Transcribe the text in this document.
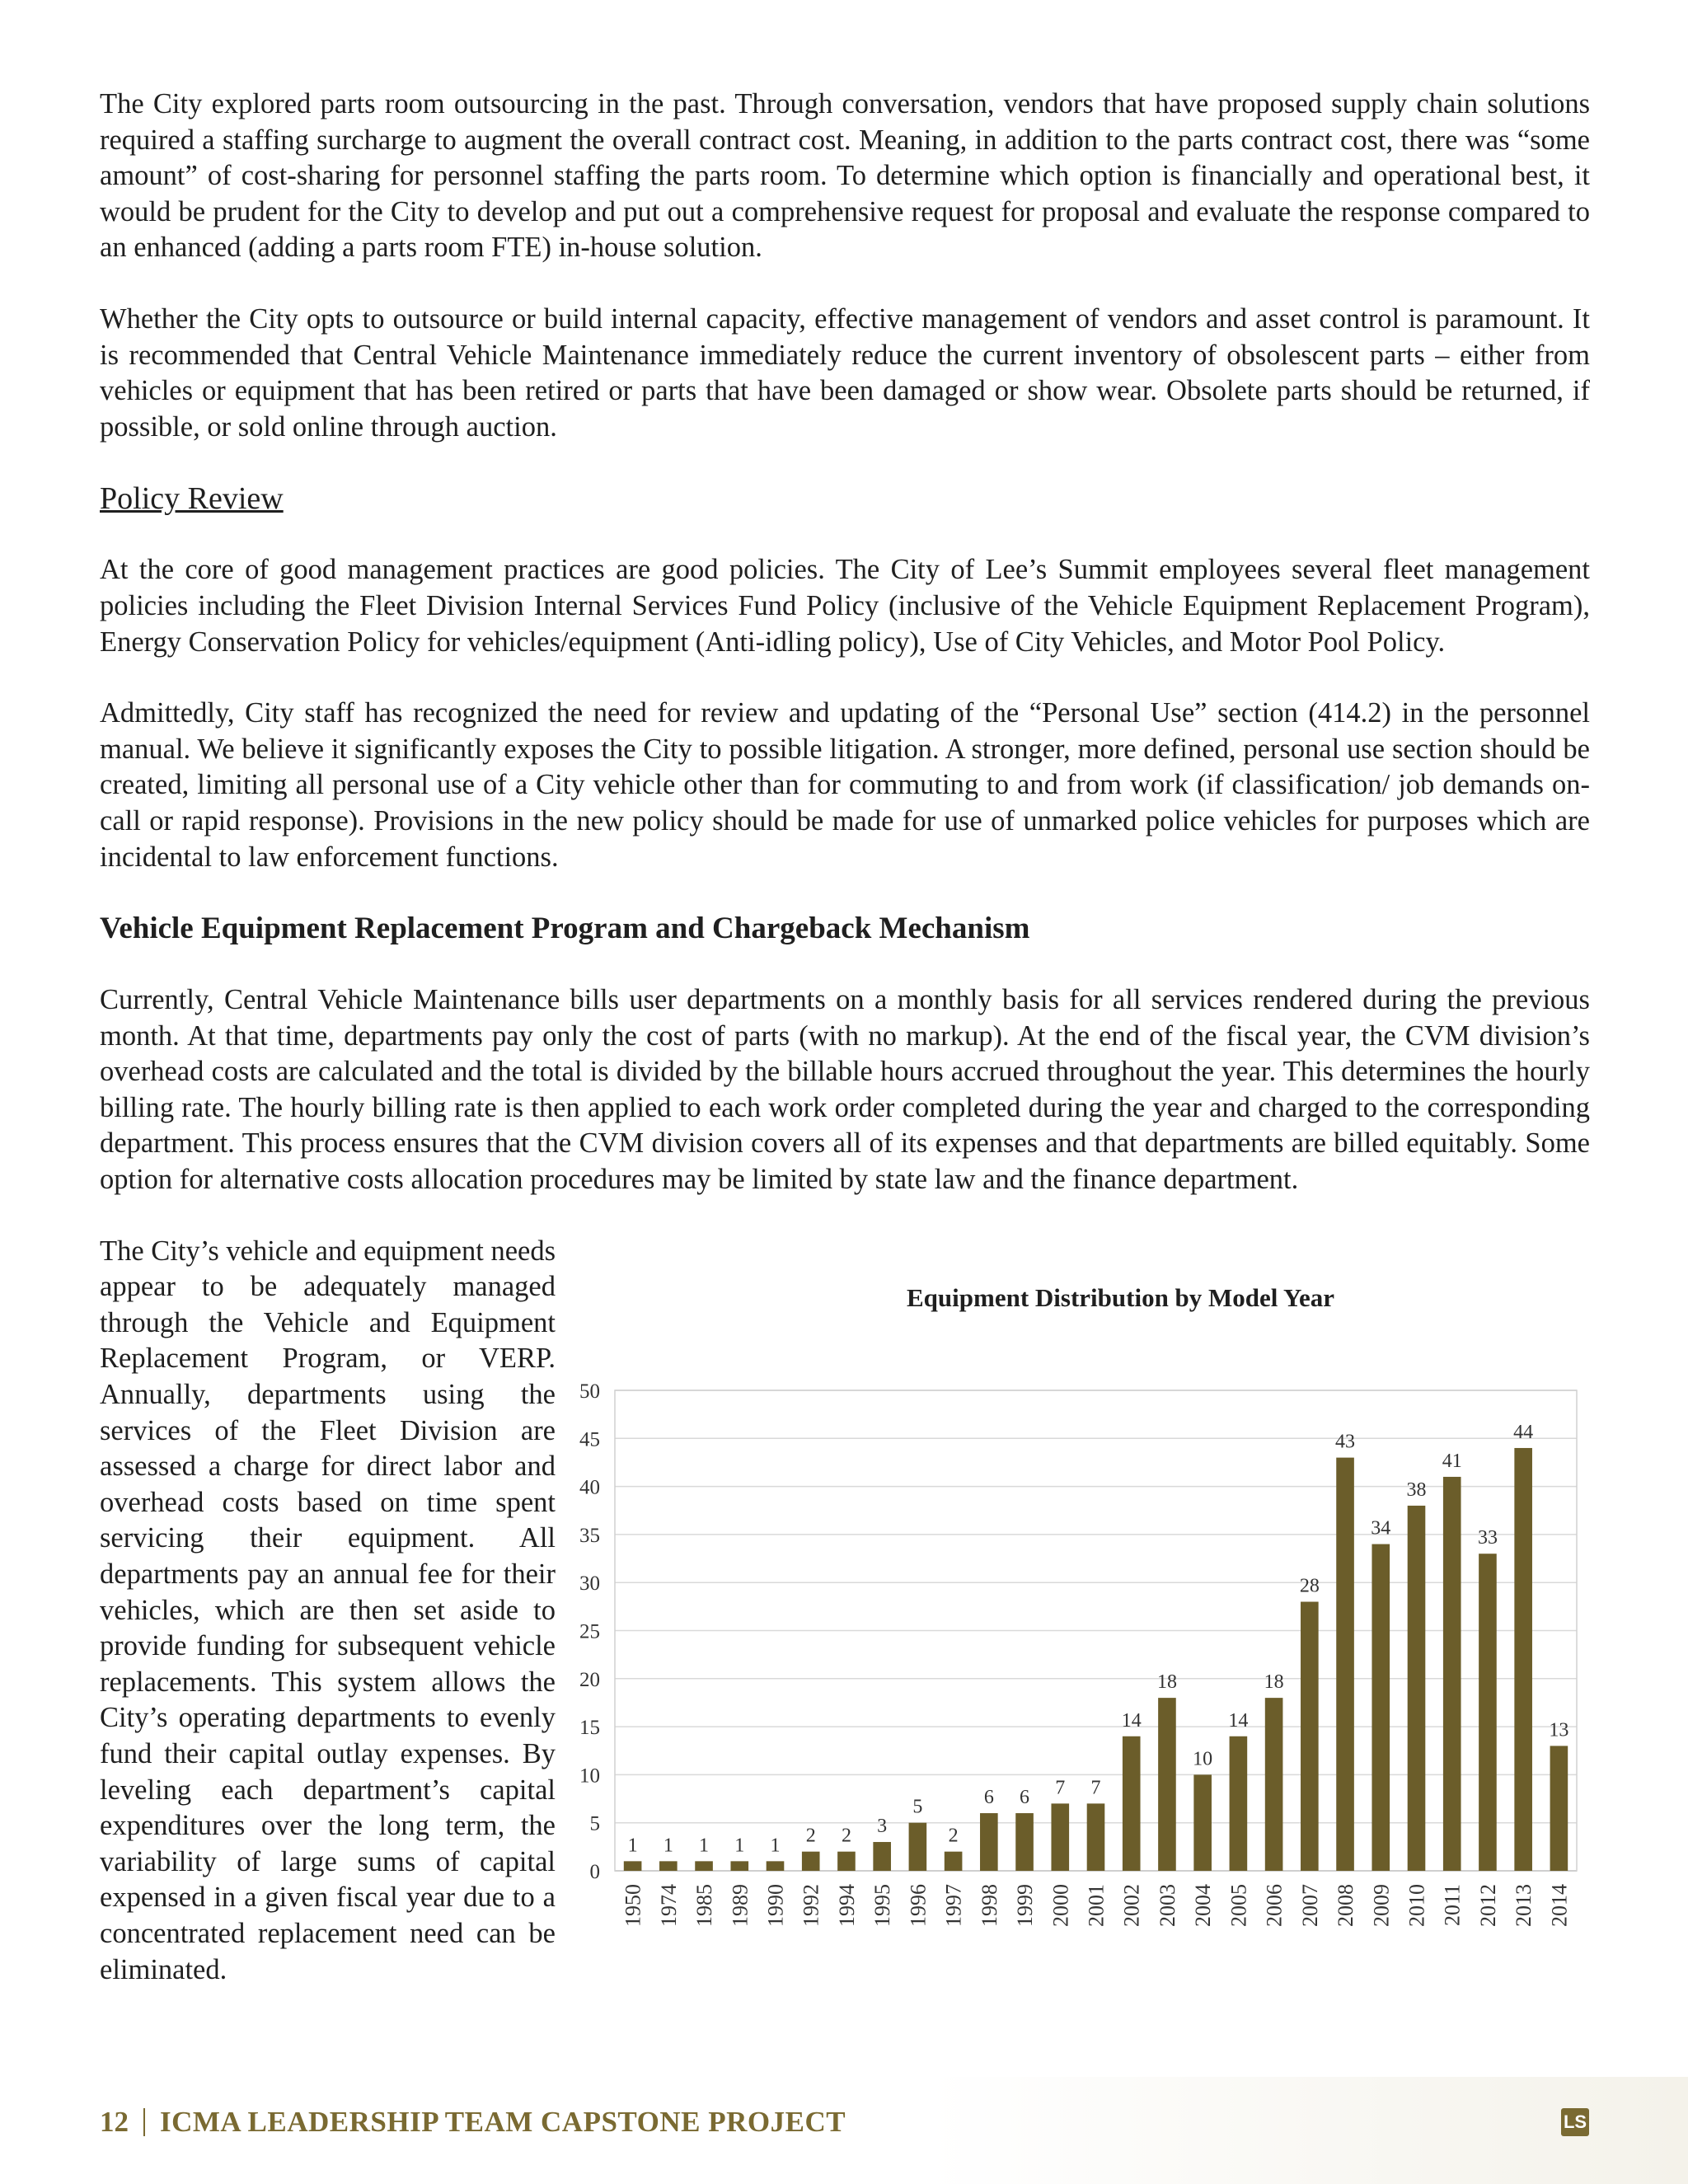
The City explored parts room outsourcing in the past. Through conversation, vendors that have proposed supply chain solutions required a staffing surcharge to augment the overall contract cost. Meaning, in addition to the parts contract cost, there was “some amount” of cost-sharing for personnel staffing the parts room. To determine which option is financially and operational best, it would be prudent for the City to develop and put out a comprehensive request for proposal and evaluate the response compared to an enhanced (adding a parts room FTE) in-house solution.

Whether the City opts to outsource or build internal capacity, effective management of vendors and asset control is paramount. It is recommended that Central Vehicle Maintenance immediately reduce the current inventory of obsolescent parts – either from vehicles or equipment that has been retired or parts that have been damaged or show wear. Obsolete parts should be returned, if possible, or sold online through auction.

Policy Review

At the core of good management practices are good policies. The City of Lee’s Summit employees several fleet management policies including the Fleet Division Internal Services Fund Policy (inclusive of the Vehicle Equipment Replacement Program), Energy Conservation Policy for vehicles/equipment (Anti-idling policy), Use of City Vehicles, and Motor Pool Policy.

Admittedly, City staff has recognized the need for review and updating of the “Personal Use” section (414.2) in the personnel manual. We believe it significantly exposes the City to possible litigation. A stronger, more defined, personal use section should be created, limiting all personal use of a City vehicle other than for commuting to and from work (if classification/ job demands on-call or rapid response). Provisions in the new policy should be made for use of unmarked police vehicles for purposes which are incidental to law enforcement functions.

Vehicle Equipment Replacement Program and Chargeback Mechanism

Currently, Central Vehicle Maintenance bills user departments on a monthly basis for all services rendered during the previous month. At that time, departments pay only the cost of parts (with no markup). At the end of the fiscal year, the CVM division’s overhead costs are calculated and the total is divided by the billable hours accrued throughout the year. This determines the hourly billing rate. The hourly billing rate is then applied to each work order completed during the year and charged to the corresponding department. This process ensures that the CVM division covers all of its expenses and that departments are billed equitably. Some option for alternative costs allocation procedures may be limited by state law and the finance department.

The City’s vehicle and equipment needs appear to be adequately managed through the Vehicle and Equipment Replacement Program, or VERP. Annually, departments using the services of the Fleet Division are assessed a charge for direct labor and overhead costs based on time spent servicing their equipment. All departments pay an annual fee for their vehicles, which are then set aside to provide funding for subsequent vehicle replacements. This system allows the City’s operating departments to evenly fund their capital outlay expenses. By leveling each department’s capital expenditures over the long term, the variability of large sums of capital expensed in a given fiscal year due to a concentrated replacement need can be eliminated.

Equipment Distribution by Model Year
0
5
10
15
20
25
30
35
40
45
50
1
1950
1
1974
1
1985
1
1989
1
1990
2
1992
2
1994
3
1995
5
1996
2
1997
6
1998
6
1999
7
2000
7
2001
14
2002
18
2003
10
2004
14
2005
18
2006
28
2007
43
2008
34
2009
38
2010
41
2011
33
2012
44
2013
13
2014
12 ICMA LEADERSHIP TEAM CAPSTONE PROJECT	LS
